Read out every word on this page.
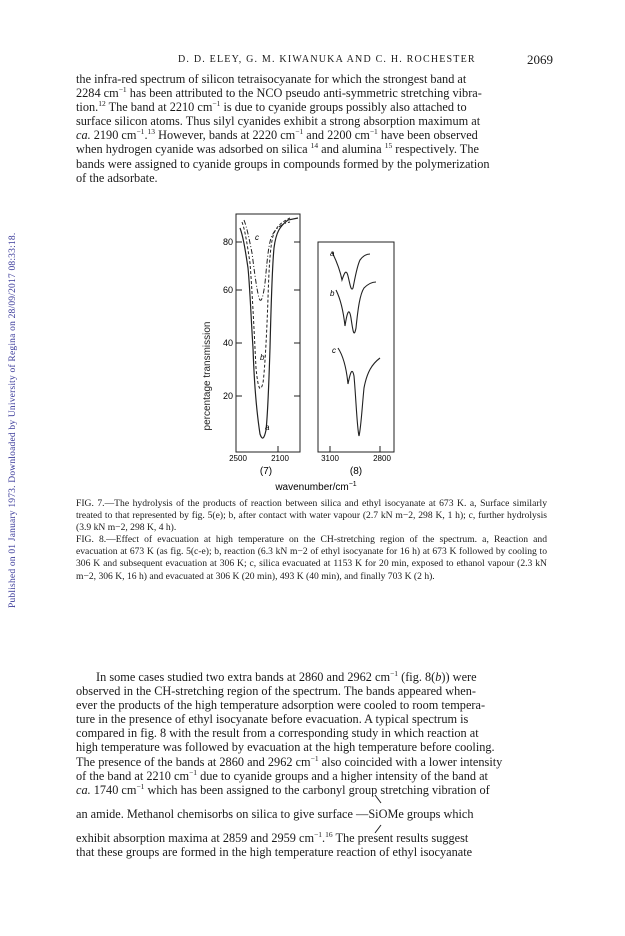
D. D. ELEY, G. M. KIWANUKA AND C. H. ROCHESTER	2069
Published on 01 January 1973. Downloaded by University of Regina on 28/09/2017 08:33:18.
the infra-red spectrum of silicon tetraisocyanate for which the strongest band at
2284 $cm^{-1}$ has been attributed to the NCO pseudo anti-symmetric stretching vibra-
tion.$^{12}$ The band at 2210 $cm^{-1}$ is due to cyanide groups possibly also attached to
surface silicon atoms. Thus silyl cyanides exhibit a strong absorption maximum at
ca. 2190 $cm^{-1}.^{13}$ However, bands at 2220 $cm^{-1}$ and 2200 $cm^{-1}$ have been observed
when hydrogen cyanide was adsorbed on silica $^{14}$ and alumina $^{15}$ respectively. The
bands were assigned to cyanide groups in compounds formed by the polymerization
of the adsorbate.
percentage transmission
80
60
40
20
2500	2100
c
b
a
3100	2800
a
b
c
(7)	(8)
wavenumber/$cm^{-1}$
FIG. 7.—The hydrolysis of the products of reaction between silica and ethyl isocyanate at 673 K. a, Surface similarly treated to that represented by fig. 5(e); b, after contact with water vapour (2.7 kN m−2, 298 K, 1 h); c, further hydrolysis (3.9 kN m−2, 298 K, 4 h).
FIG. 8.—Effect of evacuation at high temperature on the CH-stretching region of the spectrum. a, Reaction and evacuation at 673 K (as fig. 5(c-e); b, reaction (6.3 kN m−2 of ethyl isocyanate for 16 h) at 673 K followed by cooling to 306 K and subsequent evacuation at 306 K; c, silica evacuated at 1153 K for 20 min, exposed to ethanol vapour (2.3 kN m−2, 306 K, 16 h) and evacuated at 306 K (20 min), 493 K (40 min), and finally 703 K (2 h).
In some cases studied two extra bands at 2860 and 2962 $cm^{-1}$ (fig. 8(b)) were
observed in the CH-stretching region of the spectrum. The bands appeared when-
ever the products of the high temperature adsorption were cooled to room tempera-
ture in the presence of ethyl isocyanate before evacuation. A typical spectrum is
compared in fig. 8 with the result from a corresponding study in which reaction at
high temperature was followed by evacuation at the high temperature before cooling.
The presence of the bands at 2860 and 2962 $cm^{-1}$ also coincided with a lower intensity
of the band at 2210 $cm^{-1}$ due to cyanide groups and a higher intensity of the band at
ca. 1740 $cm^{-1}$ which has been assigned to the carbonyl group stretching vibration of
an amide. Methanol chemisorbs on silica to give surface —SiOMe
groups which
exhibit absorption maxima at 2859 and 2959 $cm^{-1}.^{16}$ The present results suggest
that these groups are formed in the high temperature reaction of ethyl isocyanate
